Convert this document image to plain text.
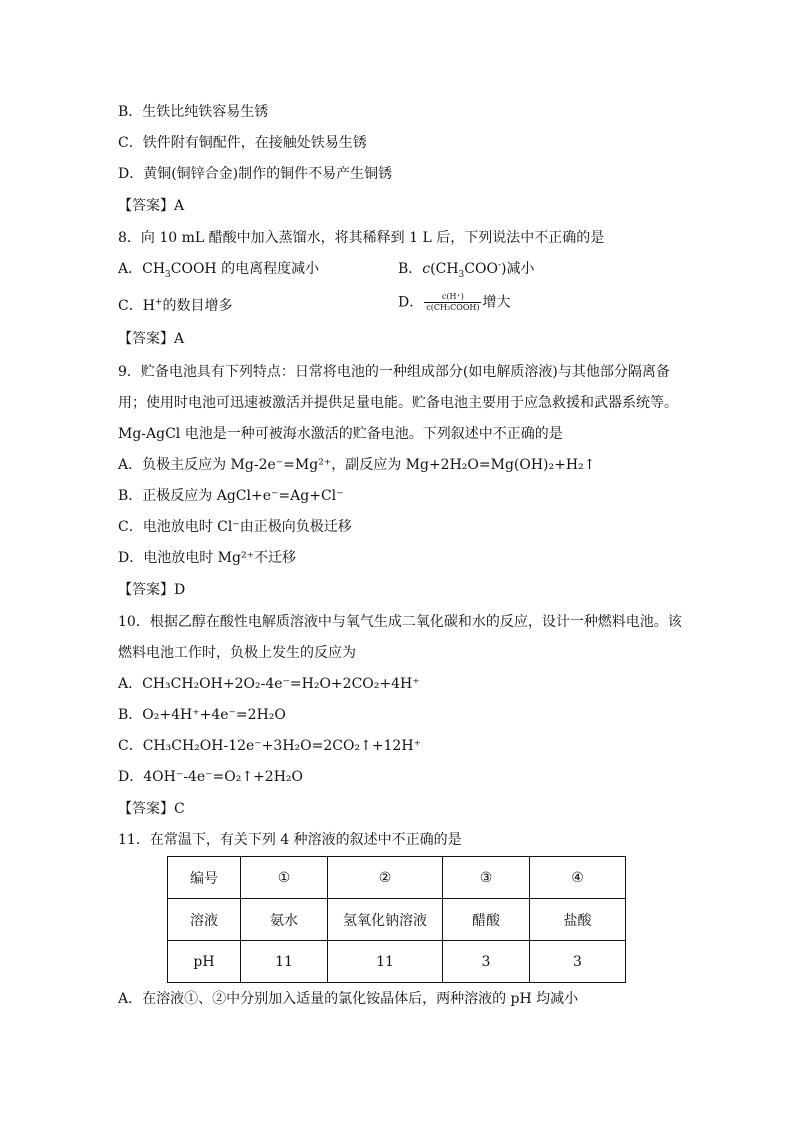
B．生铁比纯铁容易生锈
C．铁件附有铜配件，在接触处铁易生锈
D．黄铜(铜锌合金)制作的铜件不易产生铜锈
【答案】A
8．向 10 mL 醋酸中加入蒸馏水，将其稀释到 1 L 后，下列说法中不正确的是
A．$CH_3COOH$ 的电离程度减小	B．$c(CH_3COO^-)$减小
C．H+的数目增多	D． $\frac{c(H^+)}{\text{c(CH₃COOH)}}$ 增大
【答案】A
9．贮备电池具有下列特点：日常将电池的一种组成部分(如电解质溶液)与其他部分隔离备
用；使用时电池可迅速被激活并提供足量电能。贮备电池主要用于应急救援和武器系统等。
Mg-AgCl 电池是一种可被海水激活的贮备电池。下列叙述中不正确的是
A．负极主反应为 Mg-2e⁻=Mg²⁺，副反应为 Mg+2H₂O=Mg(OH)₂+H₂↑
B．正极反应为 AgCl+e⁻=Ag+Cl⁻
C．电池放电时 Cl⁻由正极向负极迁移
D．电池放电时 Mg²⁺不迁移
【答案】D
10．根据乙醇在酸性电解质溶液中与氧气生成二氧化碳和水的反应，设计一种燃料电池。该
燃料电池工作时，负极上发生的反应为
A．CH₃CH₂OH+2O₂-4e⁻=H₂O+2CO₂+4H⁺
B．O₂+4H⁺+4e⁻=2H₂O
C．CH₃CH₂OH-12e⁻+3H₂O=2CO₂↑+12H⁺
D．4OH⁻-4e⁻=O₂↑+2H₂O
【答案】C
11．在常温下，有关下列 4 种溶液的叙述中不正确的是
编号	①	②	③	④
溶液	氨水	氢氧化钠溶液	醋酸	盐酸
pH	11	11	3	3
A．在溶液①、②中分别加入适量的氯化铵晶体后，两种溶液的 pH 均减小
